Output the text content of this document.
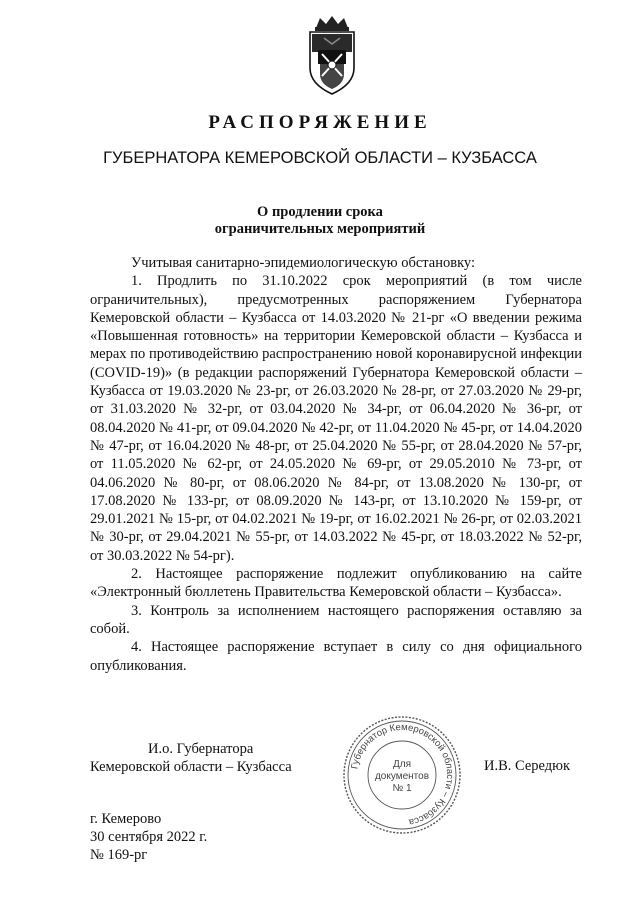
РАСПОРЯЖЕНИЕ
ГУБЕРНАТОРА КЕМЕРОВСКОЙ ОБЛАСТИ – КУЗБАССА
О продлении срока
ограничительных мероприятий

Учитывая санитарно-эпидемиологическую обстановку:

1. Продлить по 31.10.2022 срок мероприятий (в том числе ограничительных), предусмотренных распоряжением Губернатора Кемеровской области – Кузбасса от 14.03.2020 № 21-рг «О введении режима «Повышенная готовность» на территории Кемеровской области – Кузбасса и мерах по противодействию распространению новой коронавирусной инфекции (COVID-19)» (в редакции распоряжений Губернатора Кемеровской области – Кузбасса от 19.03.2020 № 23-рг, от 26.03.2020 № 28-рг, от 27.03.2020 № 29-рг, от 31.03.2020 № 32-рг, от 03.04.2020 № 34-рг, от 06.04.2020 № 36-рг, от 08.04.2020 № 41-рг, от 09.04.2020 № 42-рг, от 11.04.2020 № 45-рг, от 14.04.2020 № 47-рг, от 16.04.2020 № 48-рг, от 25.04.2020 № 55-рг, от 28.04.2020 № 57-рг, от 11.05.2020 № 62-рг, от 24.05.2020 № 69-рг, от 29.05.2010 № 73-рг, от 04.06.2020 № 80-рг, от 08.06.2020 № 84-рг, от 13.08.2020 № 130-рг, от 17.08.2020 № 133-рг, от 08.09.2020 № 143-рг, от 13.10.2020 № 159-рг, от 29.01.2021 № 15-рг, от 04.02.2021 № 19-рг, от 16.02.2021 № 26-рг, от 02.03.2021 № 30-рг, от 29.04.2021 № 55-рг, от 14.03.2022 № 45-рг, от 18.03.2022 № 52-рг, от 30.03.2022 № 54-рг).

2. Настоящее распоряжение подлежит опубликованию на сайте «Электронный бюллетень Правительства Кемеровской области – Кузбасса».

3. Контроль за исполнением настоящего распоряжения оставляю за собой.

4. Настоящее распоряжение вступает в силу со дня официального опубликования.

И.о. Губернатора
Кемеровской области – Кузбасса	И.В. Середюк
Губернатор Кемеровской области – Кузбасса
Для
документов
№ 1
г. Кемерово
30 сентября 2022 г.
№ 169-рг
